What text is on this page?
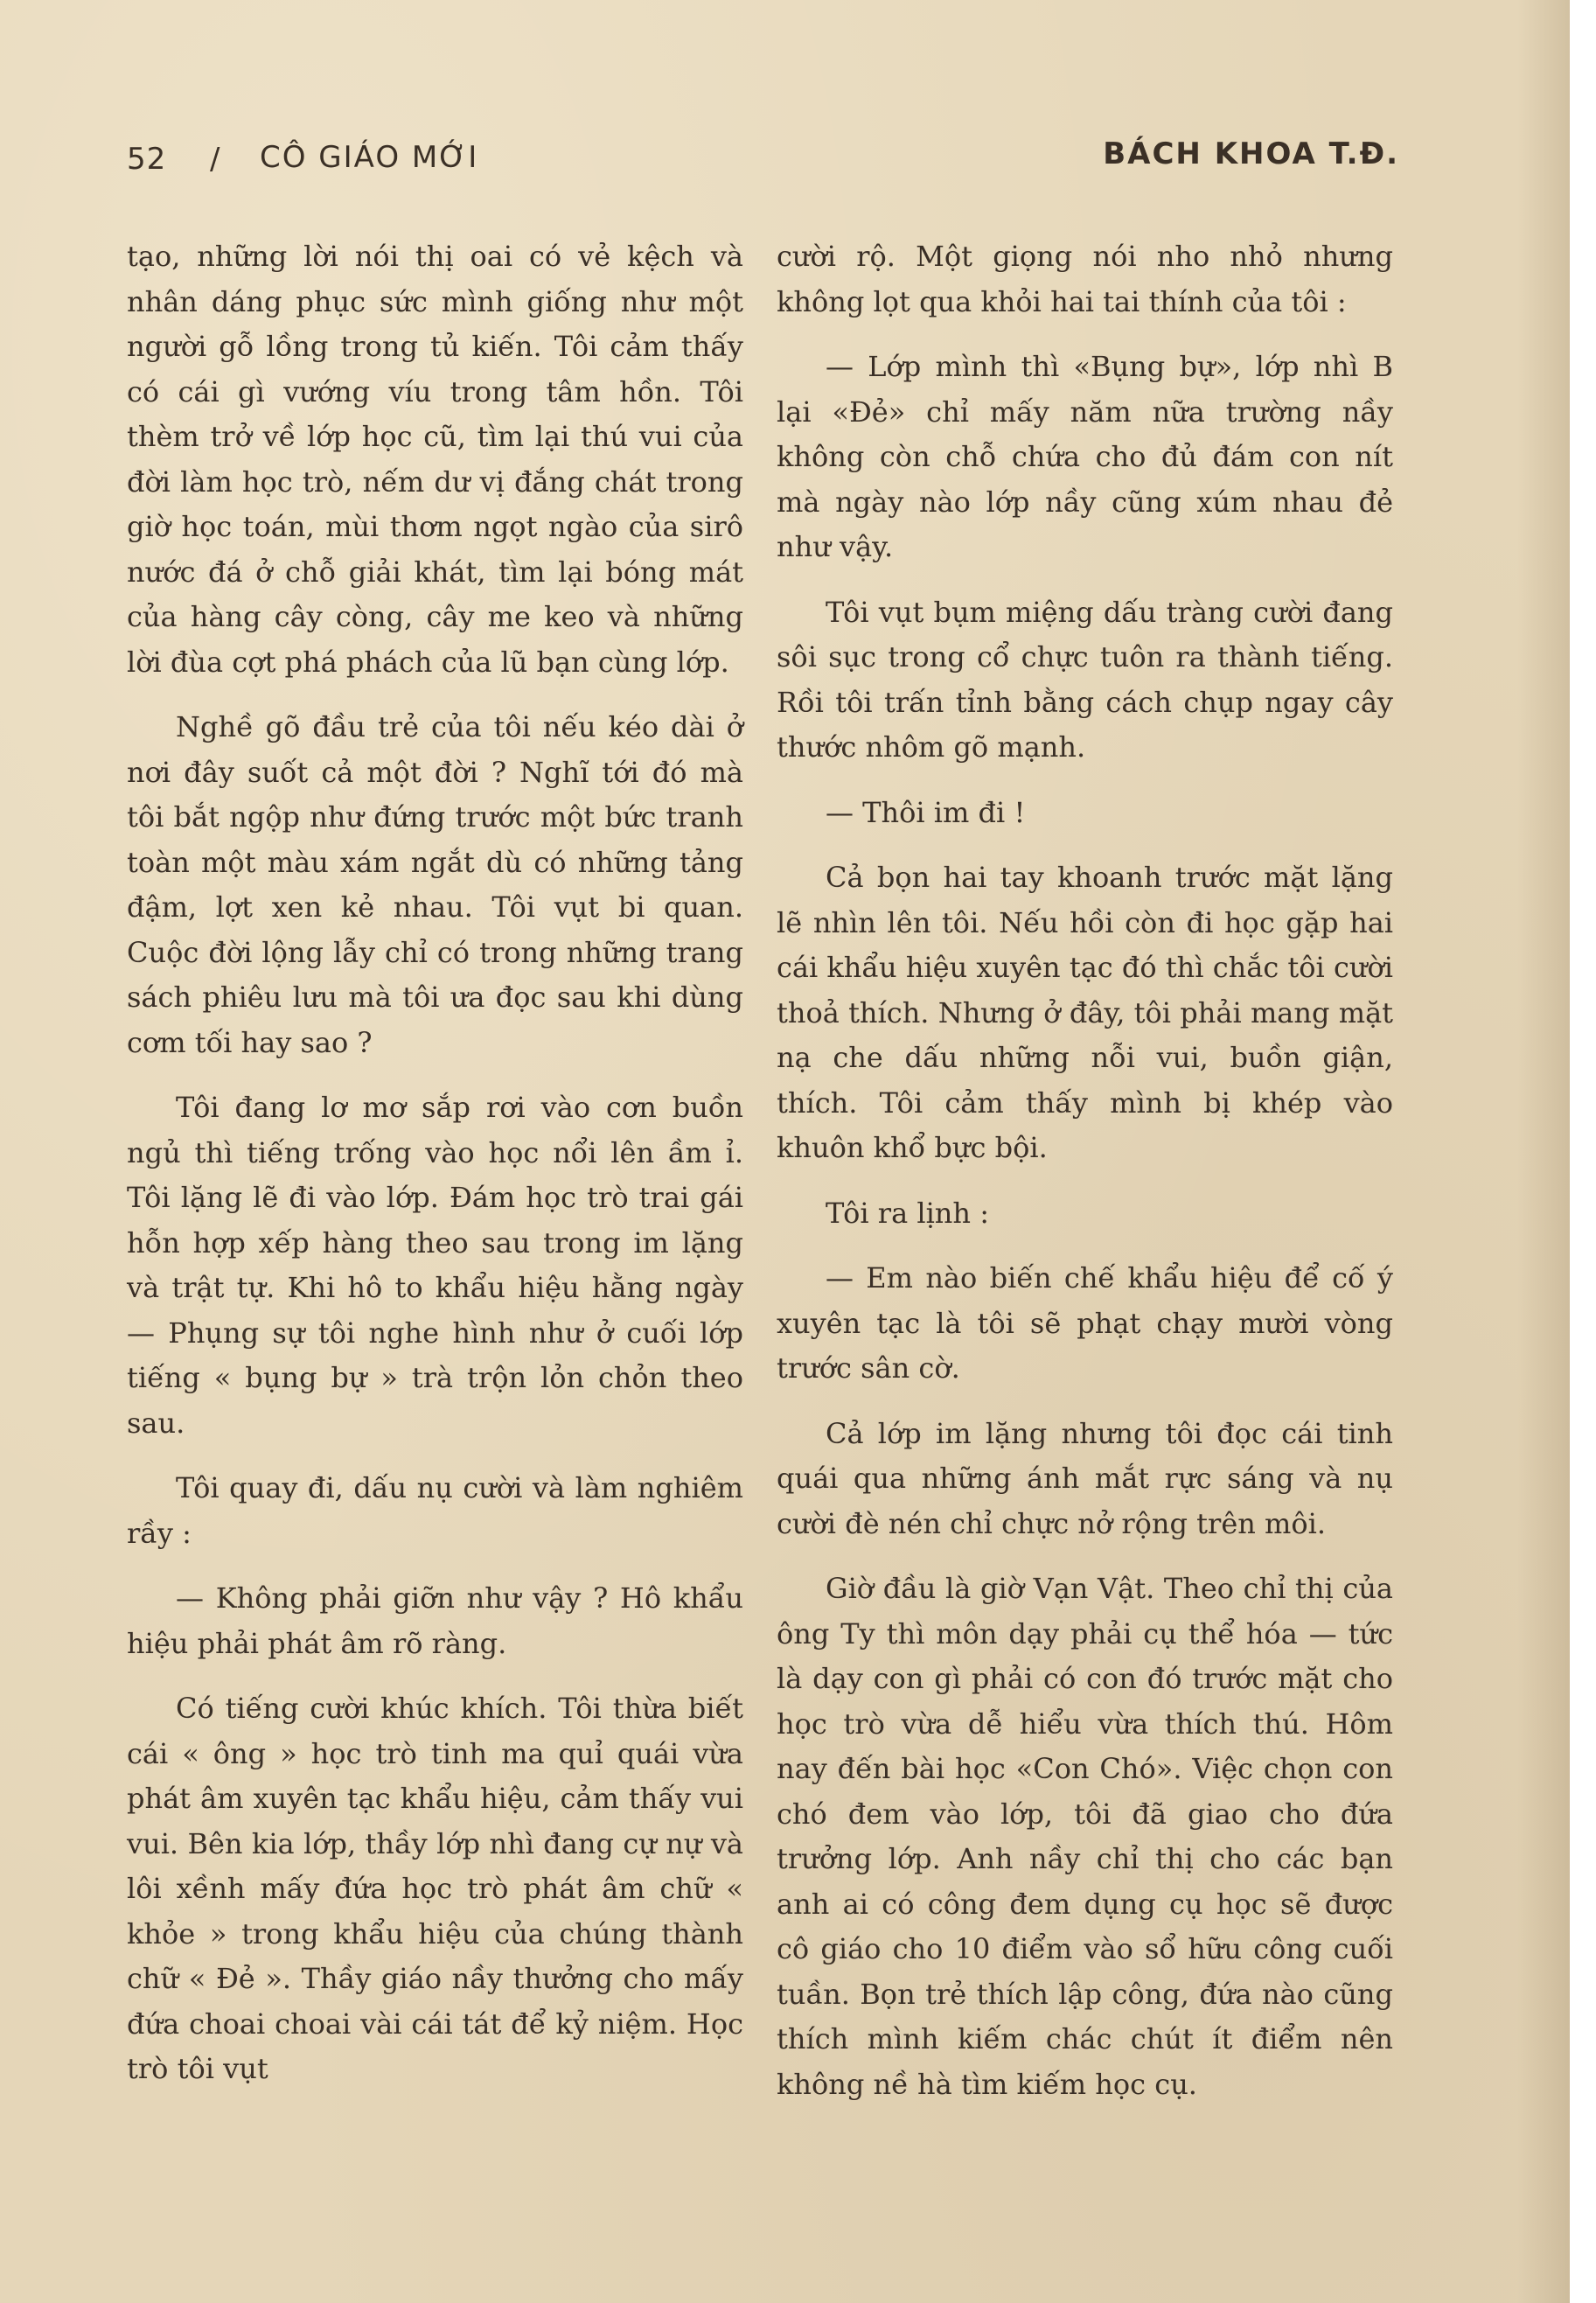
52 / CÔ GIÁO MỚI	BÁCH KHOA T.Đ.

tạo, những lời nói thị oai có vẻ kệch và nhân dáng phục sức mình giống như một người gỗ lồng trong tủ kiến. Tôi cảm thấy có cái gì vướng víu trong tâm hồn. Tôi thèm trở về lớp học cũ, tìm lại thú vui của đời làm học trò, nếm dư vị đắng chát trong giờ học toán, mùi thơm ngọt ngào của sirô nước đá ở chỗ giải khát, tìm lại bóng mát của hàng cây còng, cây me keo và những lời đùa cợt phá phách của lũ bạn cùng lớp.

Nghề gõ đầu trẻ của tôi nếu kéo dài ở nơi đây suốt cả một đời ? Nghĩ tới đó mà tôi bắt ngộp như đứng trước một bức tranh toàn một màu xám ngắt dù có những tảng đậm, lợt xen kẻ nhau. Tôi vụt bi quan. Cuộc đời lộng lẫy chỉ có trong những trang sách phiêu lưu mà tôi ưa đọc sau khi dùng cơm tối hay sao ?

Tôi đang lơ mơ sắp rơi vào cơn buồn ngủ thì tiếng trống vào học nổi lên ầm ỉ. Tôi lặng lẽ đi vào lớp. Đám học trò trai gái hỗn hợp xếp hàng theo sau trong im lặng và trật tự. Khi hô to khẩu hiệu hằng ngày — Phụng sự tôi nghe hình như ở cuối lớp tiếng « bụng bự » trà trộn lỏn chỏn theo sau.

Tôi quay đi, dấu nụ cười và làm nghiêm rầy :

— Không phải giỡn như vậy ? Hô khẩu hiệu phải phát âm rõ ràng.

Có tiếng cười khúc khích. Tôi thừa biết cái « ông » học trò tinh ma quỉ quái vừa phát âm xuyên tạc khẩu hiệu, cảm thấy vui vui. Bên kia lớp, thầy lớp nhì đang cự nự và lôi xềnh mấy đứa học trò phát âm chữ « khỏe » trong khẩu hiệu của chúng thành chữ « Đẻ ». Thầy giáo nầy thưởng cho mấy đứa choai choai vài cái tát để kỷ niệm. Học trò tôi vụt

cười rộ. Một giọng nói nho nhỏ nhưng không lọt qua khỏi hai tai thính của tôi :

— Lớp mình thì «Bụng bự», lớp nhì B lại «Đẻ» chỉ mấy năm nữa trường nầy không còn chỗ chứa cho đủ đám con nít mà ngày nào lớp nầy cũng xúm nhau đẻ như vậy.

Tôi vụt bụm miệng dấu tràng cười đang sôi sục trong cổ chực tuôn ra thành tiếng. Rồi tôi trấn tỉnh bằng cách chụp ngay cây thước nhôm gõ mạnh.

— Thôi im đi !

Cả bọn hai tay khoanh trước mặt lặng lẽ nhìn lên tôi. Nếu hồi còn đi học gặp hai cái khẩu hiệu xuyên tạc đó thì chắc tôi cười thoả thích. Nhưng ở đây, tôi phải mang mặt nạ che dấu những nỗi vui, buồn giận, thích. Tôi cảm thấy mình bị khép vào khuôn khổ bực bội.

Tôi ra lịnh :

— Em nào biến chế khẩu hiệu để cố ý xuyên tạc là tôi sẽ phạt chạy mười vòng trước sân cờ.

Cả lớp im lặng nhưng tôi đọc cái tinh quái qua những ánh mắt rực sáng và nụ cười đè nén chỉ chực nở rộng trên môi.

Giờ đầu là giờ Vạn Vật. Theo chỉ thị của ông Ty thì môn dạy phải cụ thể hóa — tức là dạy con gì phải có con đó trước mặt cho học trò vừa dễ hiểu vừa thích thú. Hôm nay đến bài học «Con Chó». Việc chọn con chó đem vào lớp, tôi đã giao cho đứa trưởng lớp. Anh nầy chỉ thị cho các bạn anh ai có công đem dụng cụ học sẽ được cô giáo cho 10 điểm vào sổ hữu công cuối tuần. Bọn trẻ thích lập công, đứa nào cũng thích mình kiếm chác chút ít điểm nên không nề hà tìm kiếm học cụ.
